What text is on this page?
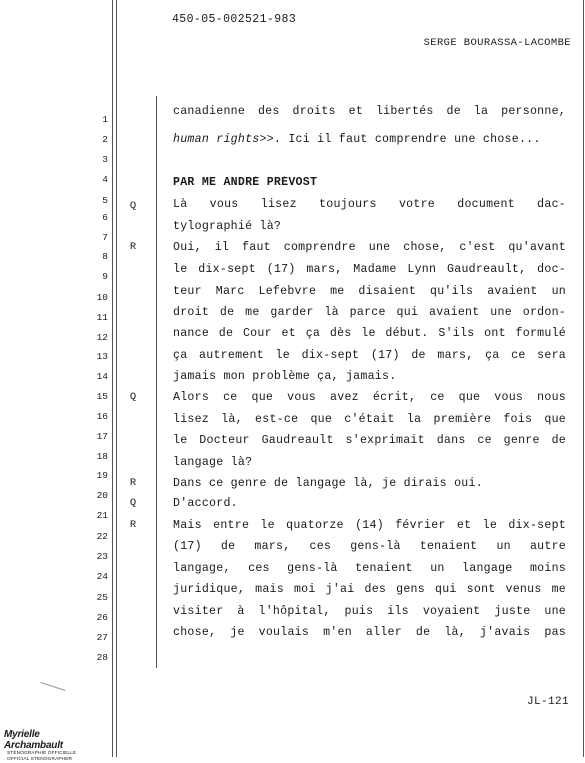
450-05-002521-983
SERGE BOURASSA-LACOMBE
1
2
3
4
5
6
7
8
9
10
11
12
13
14
15
16
17
18
19
20
21
22
23
24
25
26
27
28
canadienne des droits et libertés de la personne,
human rights>>. Ici il faut comprendre une chose...
PAR ME ANDRÉ PRÉVOST
Là vous lisez toujours votre document dac-
tylographié là?
Oui, il faut comprendre une chose, c'est qu'avant
le dix-sept (17) mars, Madame Lynn Gaudreault, doc-
teur Marc Lefebvre me disaient qu'ils avaient un
droit de me garder là parce qui avaient une ordon-
nance de Cour et ça dès le début. S'ils ont formulé
ça autrement le dix-sept (17) de mars, ça ce sera
jamais mon problème ça, jamais.
Alors ce que vous avez écrit, ce que vous nous
lisez là, est-ce que c'était la première fois que
le Docteur Gaudreault s'exprimait dans ce genre de
langage là?
Dans ce genre de langage là, je dirais oui.
D'accord.
Mais entre le quatorze (14) février et le dix-sept
(17) de mars, ces gens-là tenaient un autre
langage, ces gens-là tenaient un langage moins
juridique, mais moi j'ai des gens qui sont venus me
visiter à l'hôpital, puis ils voyaient juste une
chose, je voulais m'en aller de là, j'avais pas
Q
R
Q
R
Q
R
JL-121
Myrielle Archambault
STÉNOGRAPHIE OFFICIELLE
OFFICIAL STENOGRAPHER
